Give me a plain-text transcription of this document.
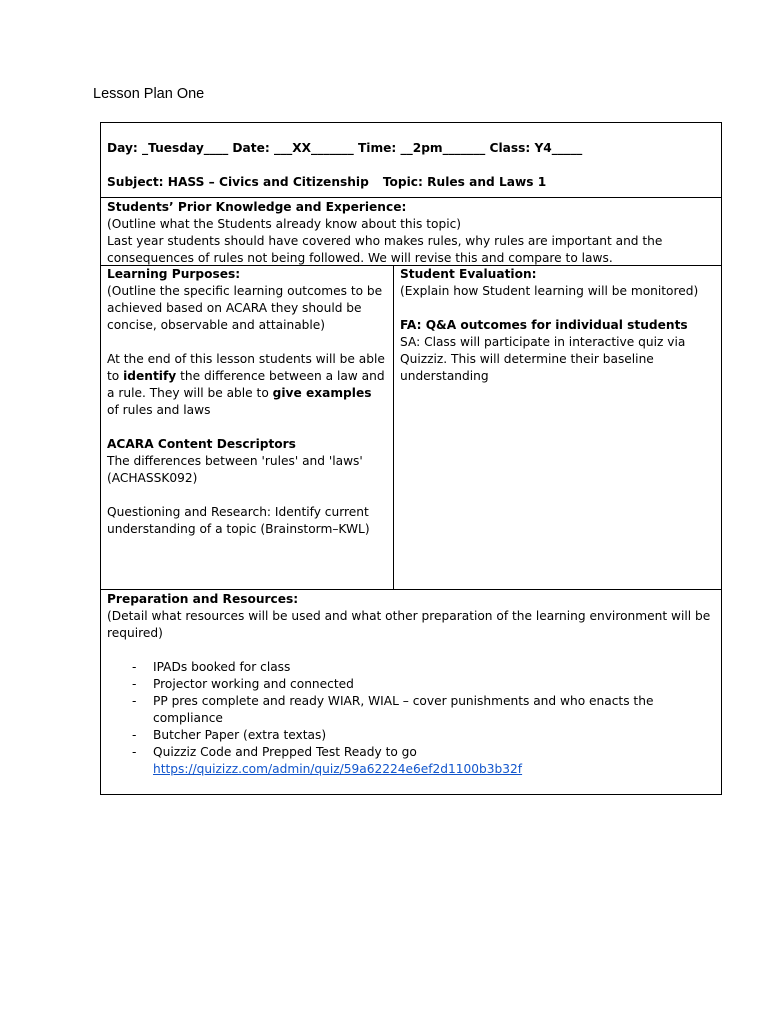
Lesson Plan One
Day: _Tuesday____ Date: ___XX_______ Time: __2pm_______ Class: Y4_____
Subject: HASS – Civics and Citizenship Topic: Rules and Laws 1

Students’ Prior Knowledge and Experience:

(Outline what the Students already know about this topic)

Last year students should have covered who makes rules, why rules are important and the consequences of rules not being followed. We will revise this and compare to laws.

Learning Purposes:

(Outline the specific learning outcomes to be achieved based on ACARA they should be concise, observable and attainable)

At the end of this lesson students will be able to identify the difference between a law and a rule. They will be able to give examples of rules and laws

ACARA Content Descriptors

The differences between 'rules' and 'laws' (ACHASSK092)

Questioning and Research: Identify current understanding of a topic (Brainstorm–KWL)

Student Evaluation:

(Explain how Student learning will be monitored)

FA: Q&A outcomes for individual students

SA: Class will participate in interactive quiz via Quizziz. This will determine their baseline understanding

Preparation and Resources:

(Detail what resources will be used and what other preparation of the learning environment will be required)

- IPADs booked for class
- Projector working and connected
- PP pres complete and ready WIAR, WIAL – cover punishments and who enacts the compliance
- Butcher Paper (extra textas)
- Quizziz Code and Prepped Test Ready to go

https://quizizz.com/admin/quiz/59a62224e6ef2d1100b3b32f
